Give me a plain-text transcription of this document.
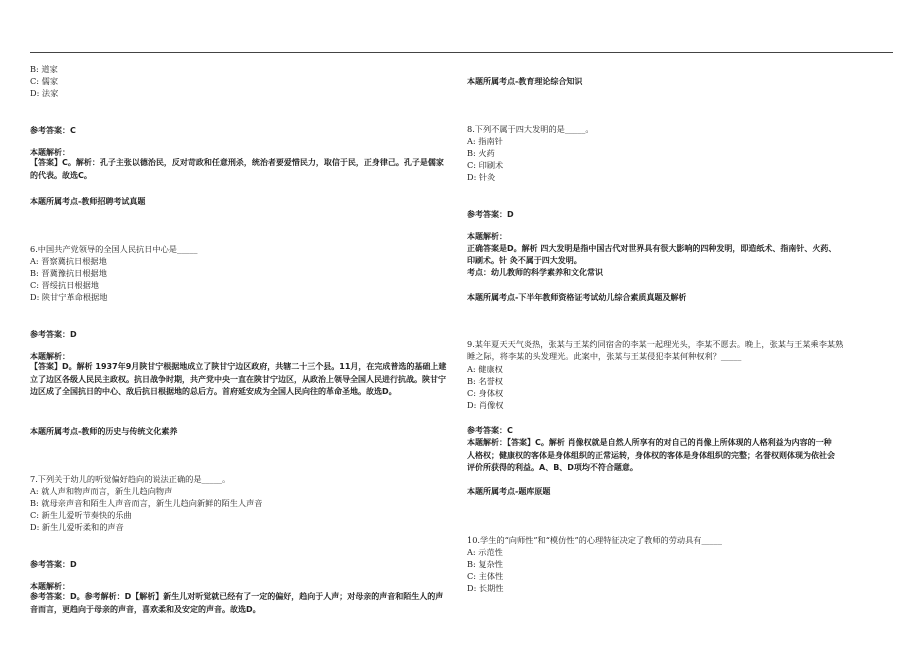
B: 道家
C: 儒家
D: 法家
参考答案：C
本题解析：
【答案】C。解析：孔子主张以德治民，反对苛政和任意刑杀，统治者要爱惜民力，取信于民，正身律己。孔子是儒家的代表。故选C。
本题所属考点-教师招聘考试真题
6.中国共产党领导的全国人民抗日中心是_____
A: 晋察冀抗日根据地
B: 晋冀豫抗日根据地
C: 晋绥抗日根据地
D: 陕甘宁革命根据地
参考答案：D
本题解析：
【答案】D。解析 1937年9月陕甘宁根据地成立了陕甘宁边区政府，共辖二十三个县。11月，在完成普选的基础上建立了边区各级人民民主政权。抗日战争时期，共产党中央一直在陕甘宁边区，从政治上领导全国人民进行抗战。陕甘宁边区成了全国抗日的中心、敌后抗日根据地的总后方。首府延安成为全国人民向往的革命圣地。故选D。
本题所属考点-教师的历史与传统文化素养
7.下列关于幼儿的听觉偏好趋向的说法正确的是_____。
A: 就人声和物声而言，新生儿趋向物声
B: 就母亲声音和陌生人声音而言，新生儿趋向新鲜的陌生人声音
C: 新生儿爱听节奏快的乐曲
D: 新生儿爱听柔和的声音
参考答案：D
本题解析：
参考答案：D。参考解析：D【解析】新生儿对听觉就已经有了一定的偏好，趋向于人声；对母亲的声音和陌生人的声音而言，更趋向于母亲的声音，喜欢柔和及安定的声音。故选D。
本题所属考点-教育理论综合知识
8.下列不属于四大发明的是_____。
A: 指南针
B: 火药
C: 印刷术
D: 针灸
参考答案：D
本题解析：
正确答案是D。解析 四大发明是指中国古代对世界具有很大影响的四种发明，即造纸术、指南针、火药、
印刷术。针 灸不属于四大发明。
考点：幼儿教师的科学素养和文化常识
本题所属考点-下半年教师资格证考试幼儿综合素质真题及解析
9.某年夏天天气炎热，张某与王某约同宿舍的李某一起理光头，李某不愿去。晚上，张某与王某乘李某熟
睡之际，将李某的头发理光。此案中，张某与王某侵犯李某何种权利？_____
A: 健康权
B: 名誉权
C: 身体权
D: 肖像权
参考答案：C
本题解析：【答案】C。解析 肖像权就是自然人所享有的对自己的肖像上所体现的人格利益为内容的一种
人格权；健康权的客体是身体组织的正常运转，身体权的客体是身体组织的完整；名誉权则体现为依社会
评价所获得的利益。A、B、D项均不符合题意。
本题所属考点-题库原题
10.学生的“向师性”和“模仿性”的心理特征决定了教师的劳动具有_____
A: 示范性
B: 复杂性
C: 主体性
D: 长期性
